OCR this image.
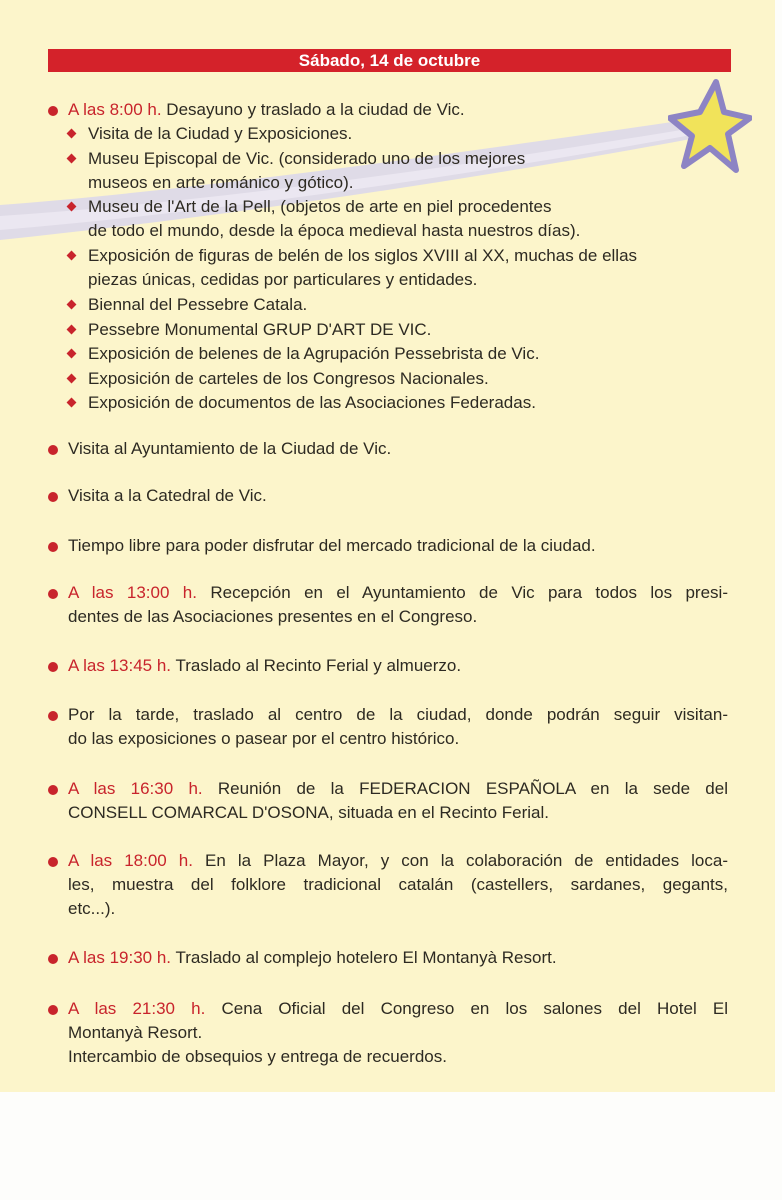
Sábado, 14 de octubre
A las 8:00 h. Desayuno y traslado a la ciudad de Vic.
Visita de la Ciudad y Exposiciones.
Museu Episcopal de Vic. (considerado uno de los mejores
museos en arte románico y gótico).
Museu de l'Art de la Pell, (objetos de arte en piel procedentes
de todo el mundo, desde la época medieval hasta nuestros días).
Exposición de figuras de belén de los siglos XVIII al XX, muchas de ellas
piezas únicas, cedidas por particulares y entidades.
Biennal del Pessebre Catala.
Pessebre Monumental GRUP D'ART DE VIC.
Exposición de belenes de la Agrupación Pessebrista de Vic.
Exposición de carteles de los Congresos Nacionales.
Exposición de documentos de las Asociaciones Federadas.
Visita al Ayuntamiento de la Ciudad de Vic.
Visita a la Catedral de Vic.
Tiempo libre para poder disfrutar del mercado tradicional de la ciudad.
A las 13:00 h. Recepción en el Ayuntamiento de Vic para todos los presi-
dentes de las Asociaciones presentes en el Congreso.
A las 13:45 h. Traslado al Recinto Ferial y almuerzo.
Por la tarde, traslado al centro de la ciudad, donde podrán seguir visitan-
do las exposiciones o pasear por el centro histórico.
A las 16:30 h. Reunión de la FEDERACION ESPAÑOLA en la sede del
CONSELL COMARCAL D'OSONA, situada en el Recinto Ferial.
A las 18:00 h. En la Plaza Mayor, y con la colaboración de entidades loca-
les, muestra del folklore tradicional catalán (castellers, sardanes, gegants,
etc...).
A las 19:30 h. Traslado al complejo hotelero El Montanyà Resort.
A las 21:30 h. Cena Oficial del Congreso en los salones del Hotel El
Montanyà Resort.
Intercambio de obsequios y entrega de recuerdos.
